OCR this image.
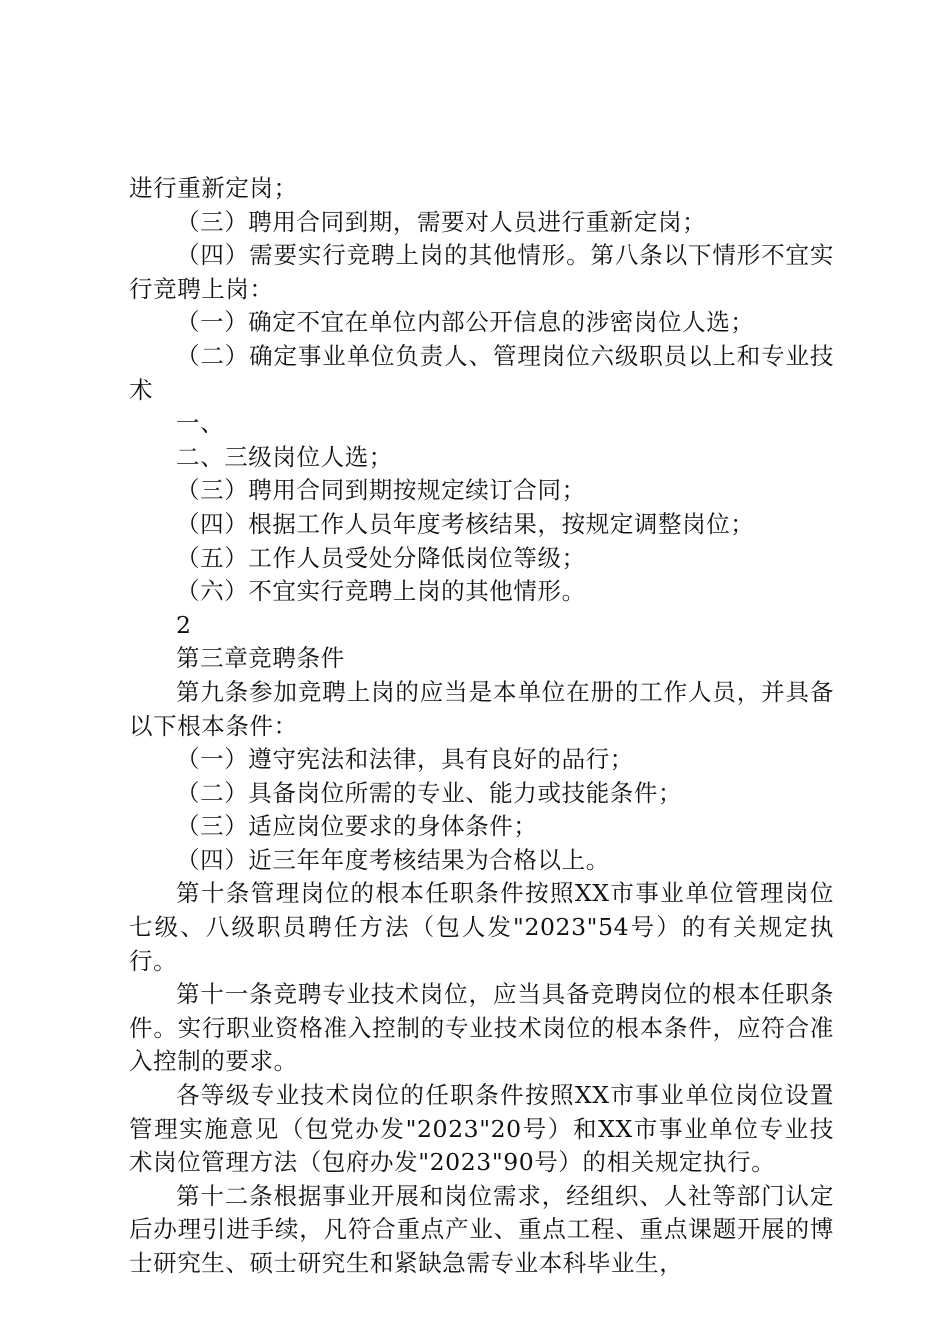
进行重新定岗；

（三）聘用合同到期，需要对人员进行重新定岗；

（四）需要实行竞聘上岗的其他情形。第八条以下情形不宜实行竞聘上岗：

（一）确定不宜在单位内部公开信息的涉密岗位人选；

（二）确定事业单位负责人、管理岗位六级职员以上和专业技术

一、

二、三级岗位人选；

（三）聘用合同到期按规定续订合同；

（四）根据工作人员年度考核结果，按规定调整岗位；

（五）工作人员受处分降低岗位等级；

（六）不宜实行竞聘上岗的其他情形。

2

第三章竞聘条件

第九条参加竞聘上岗的应当是本单位在册的工作人员，并具备以下根本条件：

（一）遵守宪法和法律，具有良好的品行；

（二）具备岗位所需的专业、能力或技能条件；

（三）适应岗位要求的身体条件；

（四）近三年年度考核结果为合格以上。

第十条管理岗位的根本任职条件按照XX市事业单位管理岗位七级、八级职员聘任方法（包人发"2023"54号）的有关规定执行。

第十一条竞聘专业技术岗位，应当具备竞聘岗位的根本任职条件。实行职业资格准入控制的专业技术岗位的根本条件，应符合准入控制的要求。

各等级专业技术岗位的任职条件按照XX市事业单位岗位设置管理实施意见（包党办发"2023"20号）和XX市事业单位专业技术岗位管理方法（包府办发"2023"90号）的相关规定执行。

第十二条根据事业开展和岗位需求，经组织、人社等部门认定后办理引进手续，凡符合重点产业、重点工程、重点课题开展的博士研究生、硕士研究生和紧缺急需专业本科毕业生，
